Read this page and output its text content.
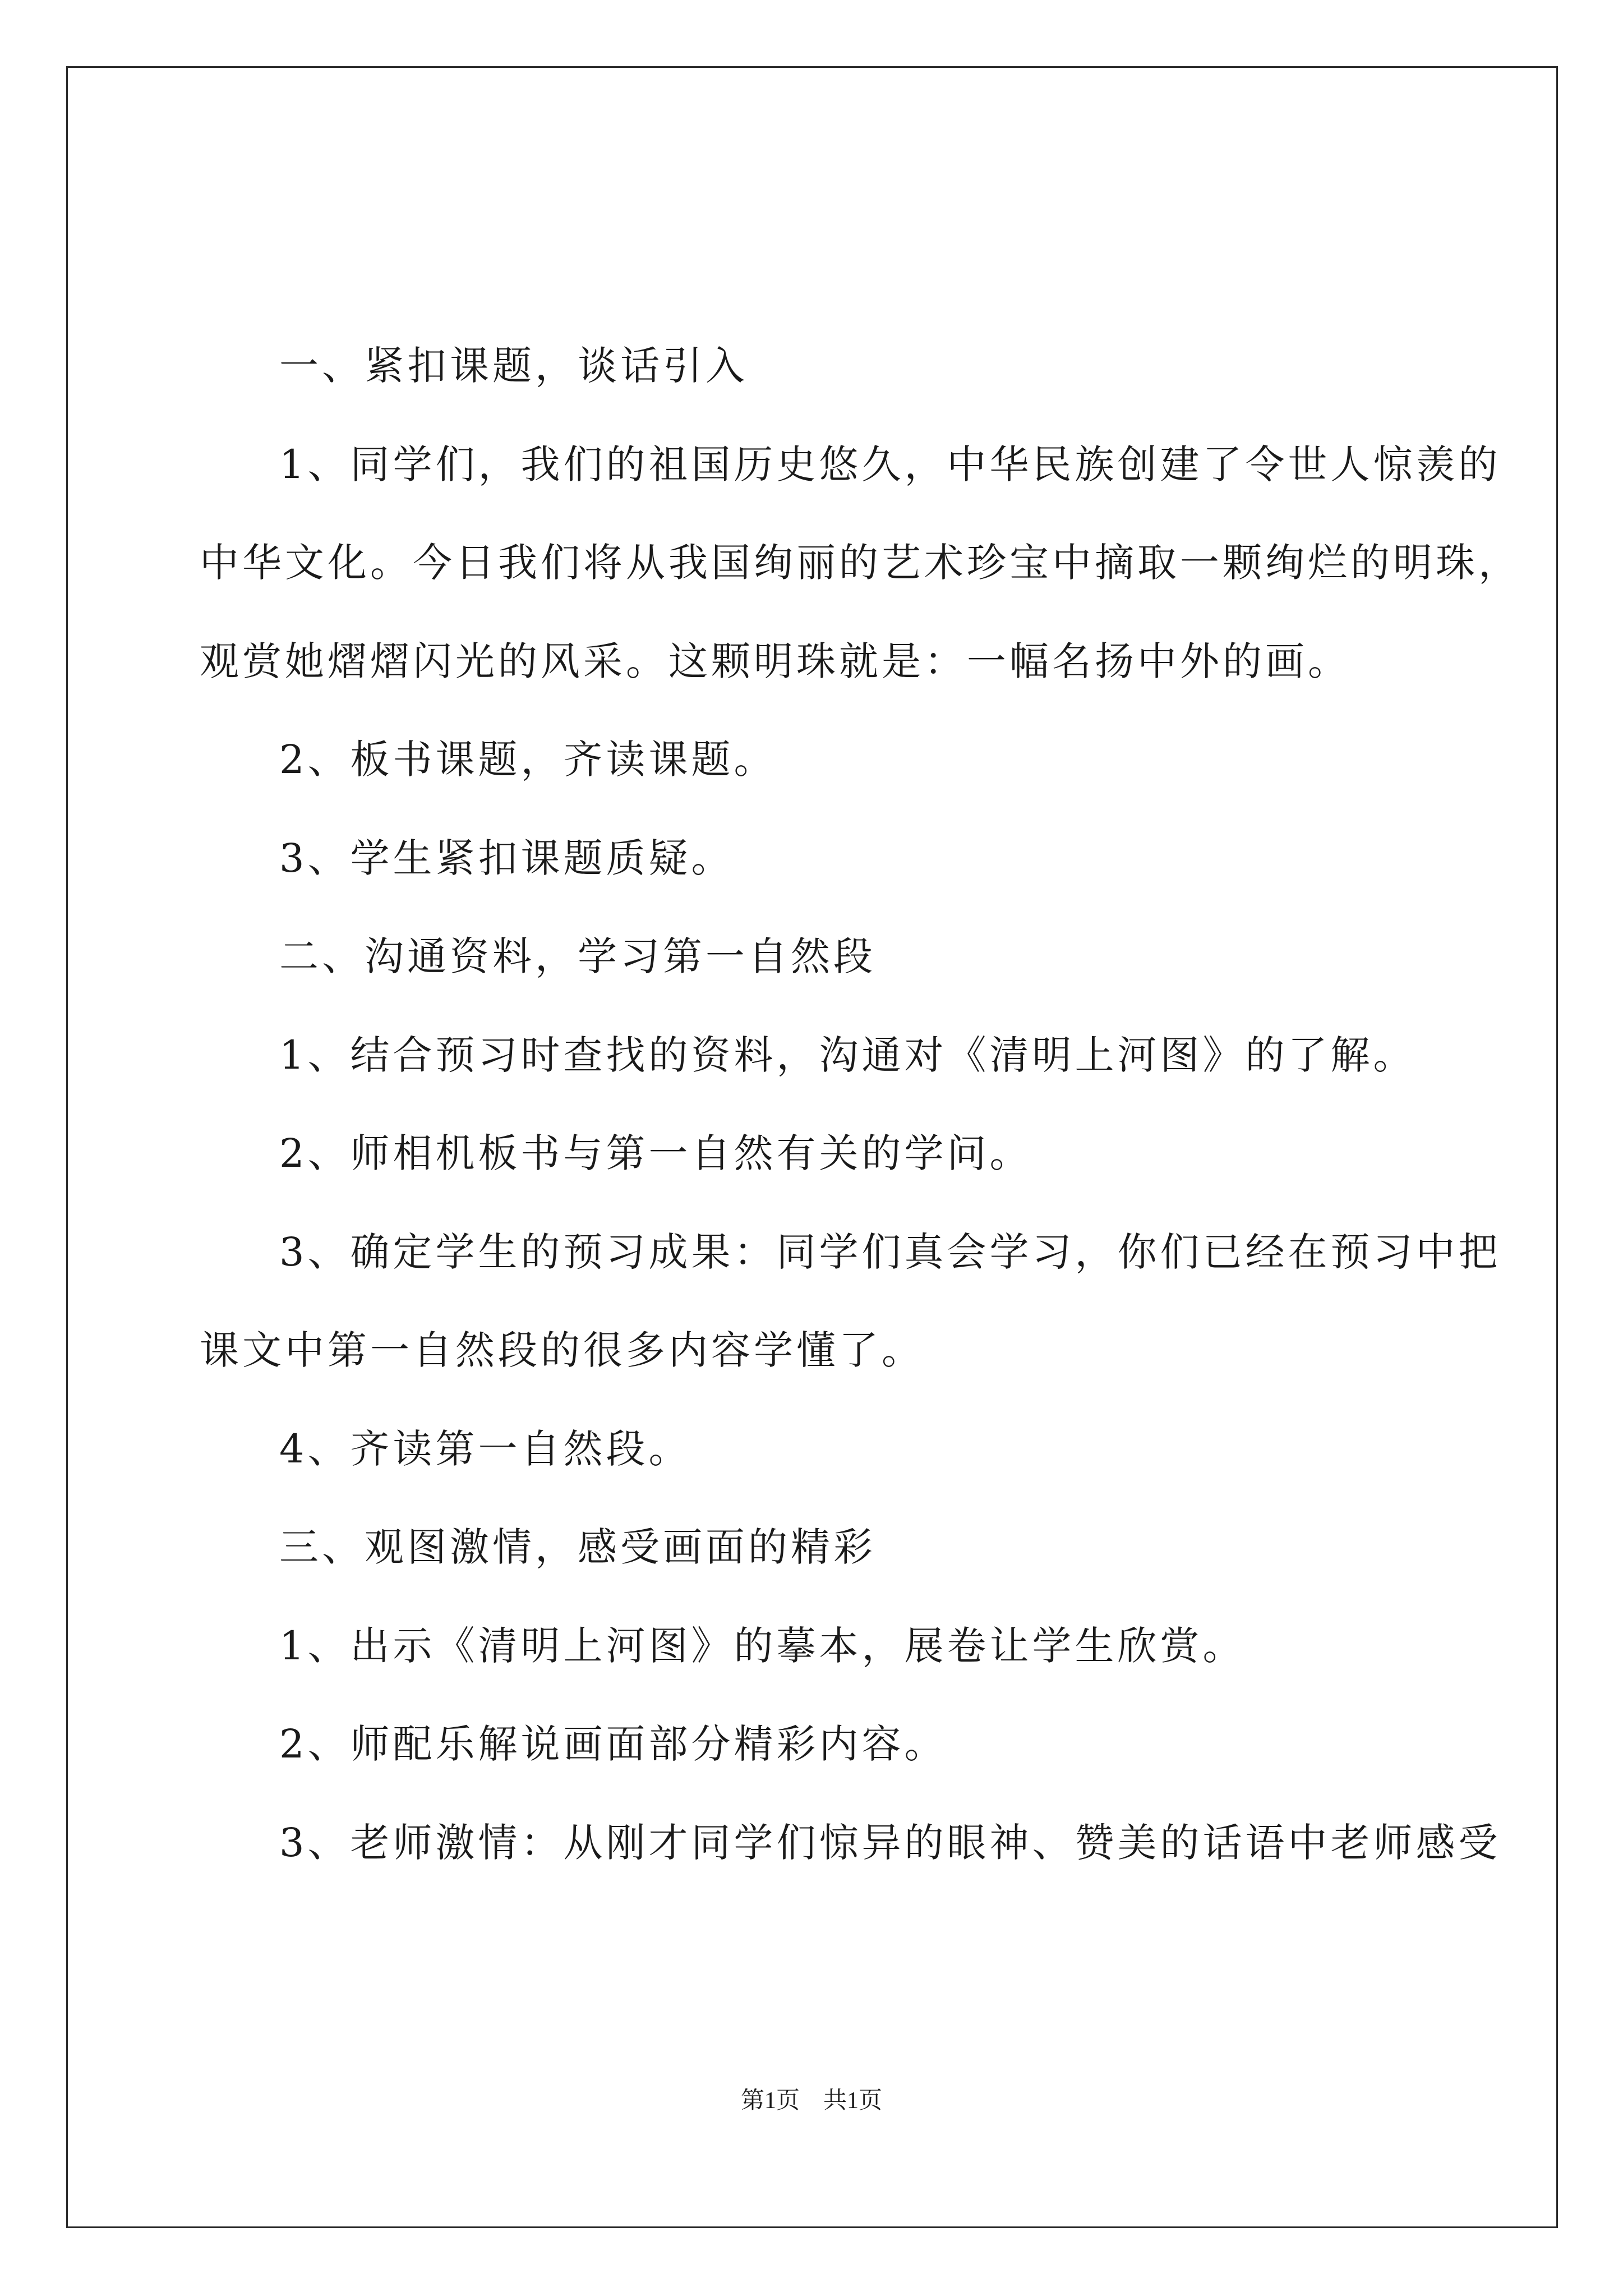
一、紧扣课题，谈话引入
1、同学们，我们的祖国历史悠久，中华民族创建了令世人惊羡的
中华文化。今日我们将从我国绚丽的艺术珍宝中摘取一颗绚烂的明珠，
观赏她熠熠闪光的风采。这颗明珠就是：一幅名扬中外的画。
2、板书课题，齐读课题。
3、学生紧扣课题质疑。
二、沟通资料，学习第一自然段
1、结合预习时查找的资料，沟通对《清明上河图》的了解。
2、师相机板书与第一自然有关的学问。
3、确定学生的预习成果：同学们真会学习，你们已经在预习中把
课文中第一自然段的很多内容学懂了。
4、齐读第一自然段。
三、观图激情，感受画面的精彩
1、出示《清明上河图》的摹本，展卷让学生欣赏。
2、师配乐解说画面部分精彩内容。
3、老师激情：从刚才同学们惊异的眼神、赞美的话语中老师感受
第1页　共1页
